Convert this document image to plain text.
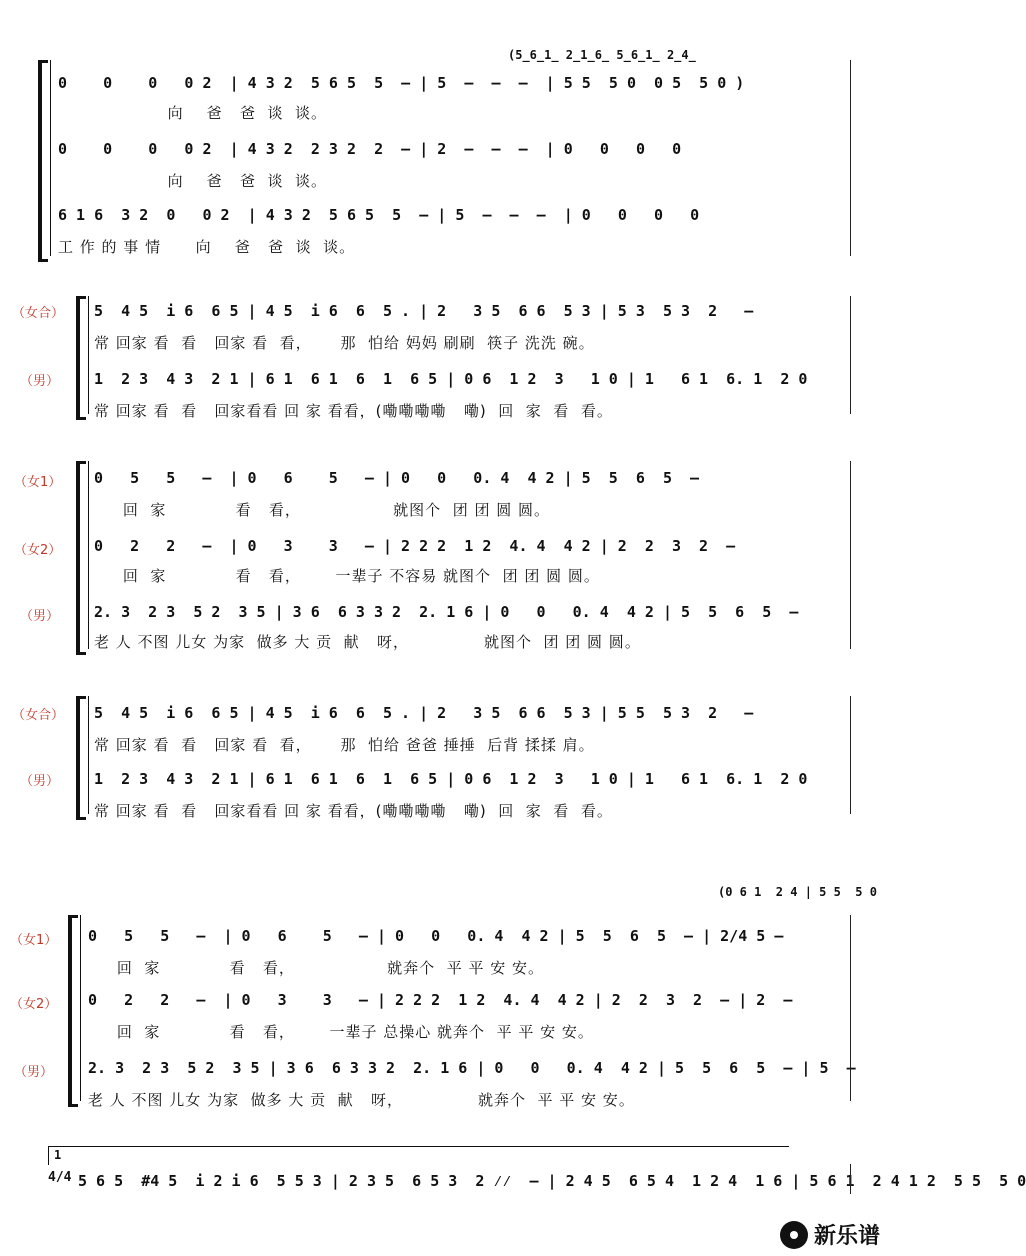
(5̲6̲1̲ 2̲1̲6̲ 5̲6̲1̲ 2̲4̲
0    0    0   0 2  | 4 3 2  5 6 5  5  – | 5  –  –  –  | 5 5  5 0  0 5  5 0 )
向    爸   爸  谈  谈。
0    0    0   0 2  | 4 3 2  2 3 2  2  – | 2  –  –  –  | 0   0   0   0
向    爸   爸  谈  谈。
6 1 6  3 2  0   0 2  | 4 3 2  5 6 5  5  – | 5  –  –  –  | 0   0   0   0
工 作 的 事 情      向    爸   爸  谈  谈。
（女合） 5  4 5  i 6  6 5 | 4 5  i 6  6  5 . | 2   3 5  6 6  5 3 | 5 3  5 3  2   –
常 回家 看  看   回家 看  看，     那  怕给 妈妈 刷刷  筷子 洗洗 碗。
（男） 1  2 3  4 3  2 1 | 6 1  6 1  6  1  6 5 | 0 6  1 2  3   1 0 | 1   6 1  6. 1  2 0
常 回家 看  看   回家看看 回 家 看看，(嘞嘞嘞嘞   嘞)  回  家  看  看。
（女1） 0   5   5   –  | 0   6    5   – | 0   0   0. 4  4 2 | 5  5  6  5  –
回  家            看   看，                就图个  团 团 圆 圆。
（女2） 0   2   2   –  | 0   3    3   – | 2 2 2  1 2  4. 4  4 2 | 2  2  3  2  –
回  家            看   看，      一辈子 不容易 就图个  团 团 圆 圆。
（男） 2. 3  2 3  5 2  3 5 | 3 6  6 3 3 2  2. 1 6 | 0   0   0. 4  4 2 | 5  5  6  5  –
老 人 不图 儿女 为家  做多 大 贡  献   呀，             就图个  团 团 圆 圆。
（女合） 5  4 5  i 6  6 5 | 4 5  i 6  6  5 . | 2   3 5  6 6  5 3 | 5 5  5 3  2   –
常 回家 看  看   回家 看  看，     那  怕给 爸爸 捶捶  后背 揉揉 肩。
（男） 1  2 3  4 3  2 1 | 6 1  6 1  6  1  6 5 | 0 6  1 2  3   1 0 | 1   6 1  6. 1  2 0
常 回家 看  看   回家看看 回 家 看看，(嘞嘞嘞嘞   嘞)  回  家  看  看。
(0 6 1  2 4 | 5 5  5 0
（女1） 0   5   5   –  | 0   6    5   – | 0   0   0. 4  4 2 | 5  5  6  5  – | 2/4 5 –
回  家            看   看，                就奔个  平 平 安 安。
（女2） 0   2   2   –  | 0   3    3   – | 2 2 2  1 2  4. 4  4 2 | 2  2  3  2  – | 2  –
回  家            看   看，      一辈子 总操心 就奔个  平 平 安 安。
（男） 2. 3  2 3  5 2  3 5 | 3 6  6 3 3 2  2. 1 6 | 0   0   0. 4  4 2 | 5  5  6  5  – | 5  –
老 人 不图 儿女 为家  做多 大 贡  献   呀，             就奔个  平 平 安 安。
1
4/4 5 6 5  #4 5  i 2 i 6  5 5 3 | 2 3 5  6 5 3  2 ⁄⁄  – | 2 4 5  6 5 4  1 2 4  1 6 | 5 6 1  2 4 1 2  5 5  5 0
新乐谱
